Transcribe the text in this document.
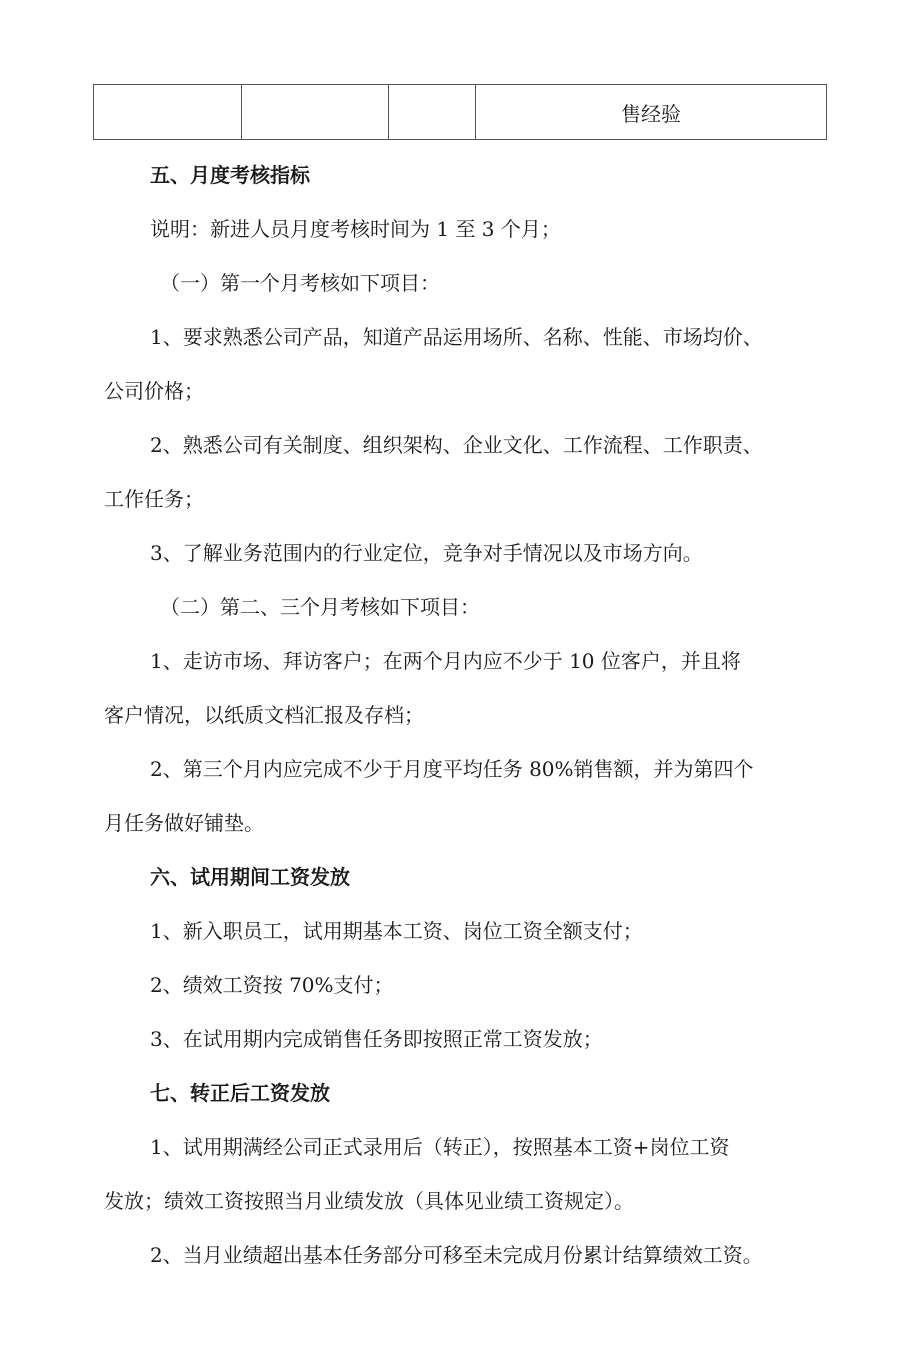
			售经验
五、月度考核指标
说明：新进人员月度考核时间为 1 至 3 个月；
（一）第一个月考核如下项目：
1、要求熟悉公司产品，知道产品运用场所、名称、性能、市场均价、
公司价格；
2、熟悉公司有关制度、组织架构、企业文化、工作流程、工作职责、
工作任务；
3、了解业务范围内的行业定位，竞争对手情况以及市场方向。
（二）第二、三个月考核如下项目：
1、走访市场、拜访客户；在两个月内应不少于 10 位客户，并且将
客户情况，以纸质文档汇报及存档；
2、第三个月内应完成不少于月度平均任务 80%销售额，并为第四个
月任务做好铺垫。
六、试用期间工资发放
1、新入职员工，试用期基本工资、岗位工资全额支付；
2、绩效工资按 70%支付；
3、在试用期内完成销售任务即按照正常工资发放；
七、转正后工资发放
1、试用期满经公司正式录用后（转正），按照基本工资+岗位工资
发放；绩效工资按照当月业绩发放（具体见业绩工资规定）。
2、当月业绩超出基本任务部分可移至未完成月份累计结算绩效工资。
